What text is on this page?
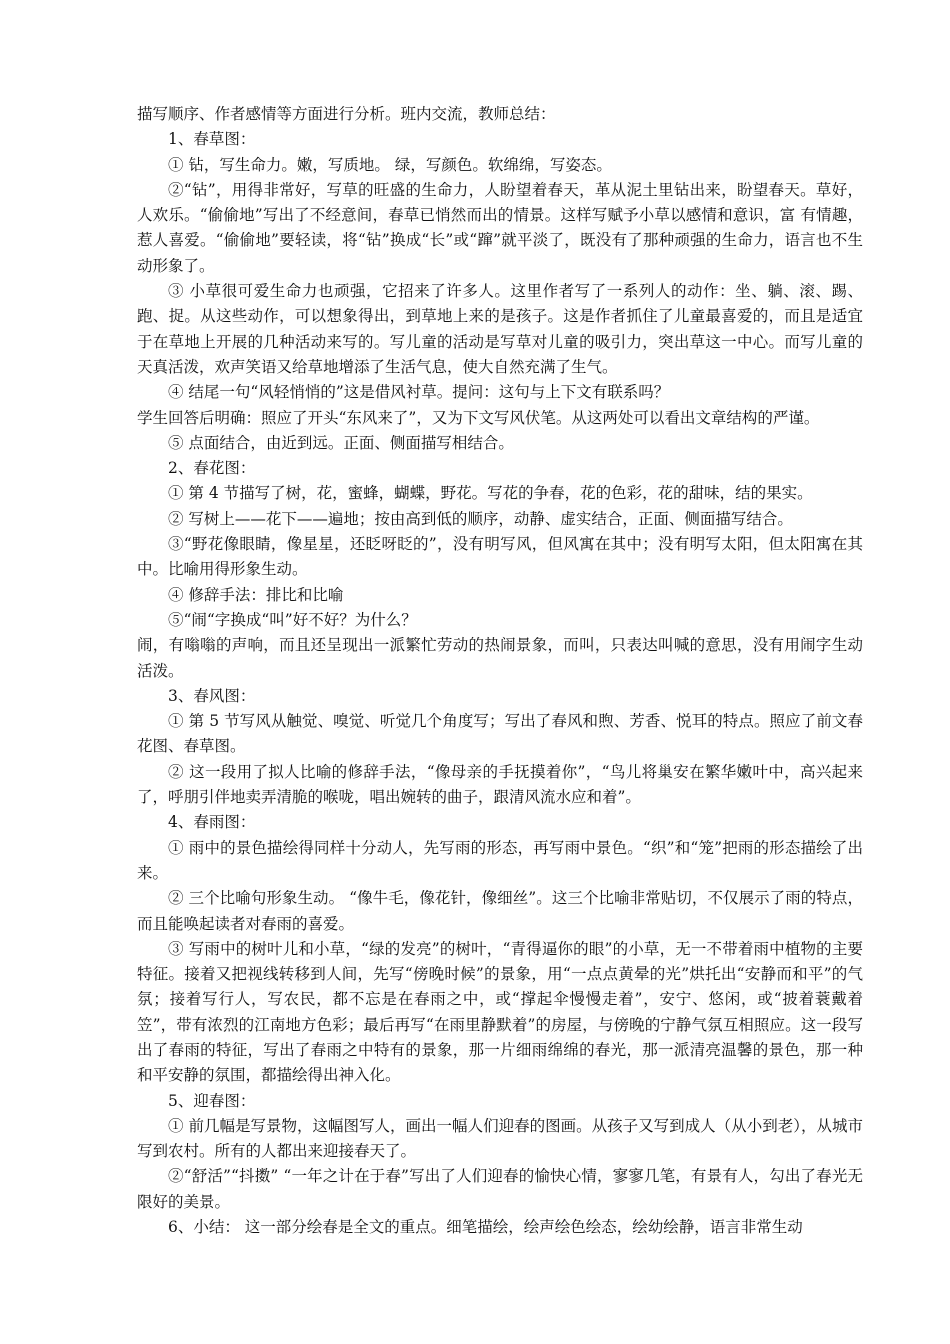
描写顺序、作者感情等方面进行分析。班内交流，教师总结：

1、春草图：

① 钻，写生命力。嫩，写质地。 绿，写颜色。软绵绵，写姿态。

②“钻”，用得非常好，写草的旺盛的生命力，人盼望着春天，革从泥土里钻出来，盼望春天。草好，人欢乐。“偷偷地”写出了不经意间，春草已悄然而出的情景。这样写赋予小草以感情和意识，富 有情趣，惹人喜爱。“偷偷地”要轻读，将“钻”换成“长”或“蹿”就平淡了，既没有了那种顽强的生命力，语言也不生动形象了。

③ 小草很可爱生命力也顽强，它招来了许多人。这里作者写了一系列人的动作：坐、躺、滚、踢、跑、捉。从这些动作，可以想象得出，到草地上来的是孩子。这是作者抓住了儿童最喜爱的，而且是适宜于在草地上开展的几种活动来写的。写儿童的活动是写草对儿童的吸引力，突出草这一中心。而写儿童的天真活泼，欢声笑语又给草地增添了生活气息，使大自然充满了生气。

④ 结尾一句“风轻悄悄的”这是借风衬草。提问：这句与上下文有联系吗？

学生回答后明确：照应了开头“东风来了”，又为下文写风伏笔。从这两处可以看出文章结构的严谨。

⑤ 点面结合，由近到远。正面、侧面描写相结合。

2、春花图：

① 第 4 节描写了树，花，蜜蜂，蝴蝶，野花。写花的争春，花的色彩，花的甜味，结的果实。

② 写树上——花下——遍地；按由高到低的顺序，动静、虚实结合，正面、侧面描写结合。

③“野花像眼睛，像星星，还眨呀眨的”，没有明写风，但风寓在其中；没有明写太阳，但太阳寓在其中。比喻用得形象生动。

④ 修辞手法：排比和比喻

⑤“闹“字换成“叫”好不好？为什么？

闹，有嗡嗡的声响，而且还呈现出一派繁忙劳动的热闹景象，而叫，只表达叫喊的意思，没有用闹字生动活泼。

3、春风图：

① 第 5 节写风从触觉、嗅觉、听觉几个角度写；写出了春风和煦、芳香、悦耳的特点。照应了前文春花图、春草图。

② 这一段用了拟人比喻的修辞手法，“像母亲的手抚摸着你”，“鸟儿将巢安在繁华嫩叶中，高兴起来了，呼朋引伴地卖弄清脆的喉咙，唱出婉转的曲子，跟清风流水应和着”。

4、春雨图：

① 雨中的景色描绘得同样十分动人，先写雨的形态，再写雨中景色。“织”和“笼”把雨的形态描绘了出来。

② 三个比喻句形象生动。 “像牛毛，像花针，像细丝”。这三个比喻非常贴切，不仅展示了雨的特点，而且能唤起读者对春雨的喜爱。

③ 写雨中的树叶儿和小草，“绿的发亮”的树叶，“青得逼你的眼”的小草，无一不带着雨中植物的主要特征。接着又把视线转移到人间，先写“傍晚时候”的景象，用“一点点黄晕的光”烘托出“安静而和平”的气氛；接着写行人，写农民，都不忘是在春雨之中，或“撑起伞慢慢走着”，安宁、悠闲，或“披着蓑戴着笠”，带有浓烈的江南地方色彩；最后再写“在雨里静默着”的房屋，与傍晚的宁静气氛互相照应。这一段写出了春雨的特征，写出了春雨之中特有的景象，那一片细雨绵绵的春光，那一派清亮温馨的景色，那一种和平安静的氛围，都描绘得出神入化。

5、迎春图：

① 前几幅是写景物，这幅图写人，画出一幅人们迎春的图画。从孩子又写到成人（从小到老），从城市写到农村。所有的人都出来迎接春天了。

②“舒活”“抖擞” “一年之计在于春”写出了人们迎春的愉快心情，寥寥几笔，有景有人，勾出了春光无限好的美景。

6、小结： 这一部分绘春是全文的重点。细笔描绘，绘声绘色绘态，绘幼绘静，语言非常生动
